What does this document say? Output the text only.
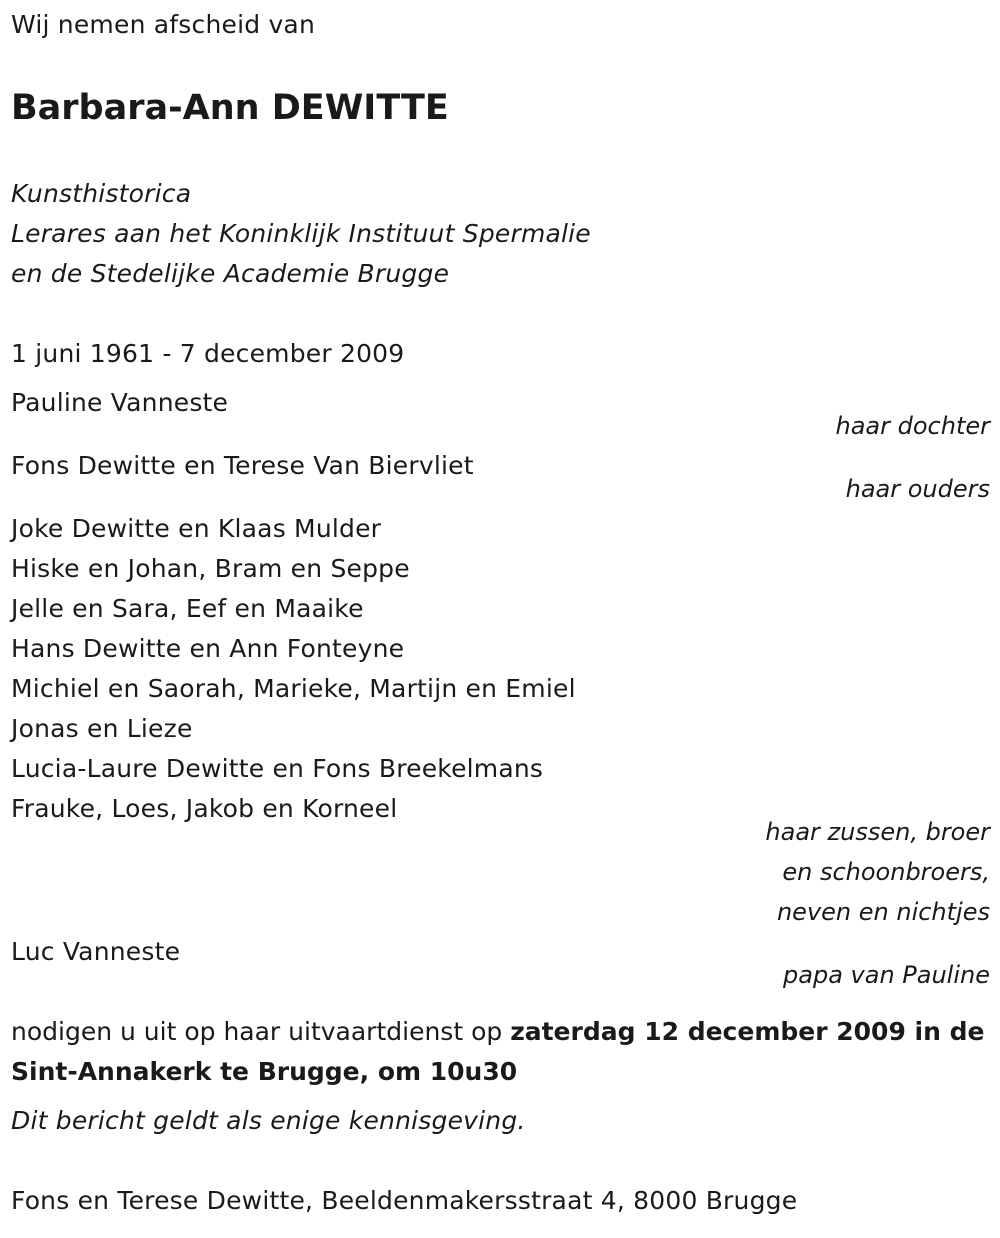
Wij nemen afscheid van
Barbara-Ann DEWITTE
Kunsthistorica
Lerares aan het Koninklijk Instituut Spermalie
en de Stedelijke Academie Brugge
1 juni 1961 - 7 december 2009
Pauline Vanneste
haar dochter
Fons Dewitte en Terese Van Biervliet
haar ouders
Joke Dewitte en Klaas Mulder
Hiske en Johan, Bram en Seppe
Jelle en Sara, Eef en Maaike
Hans Dewitte en Ann Fonteyne
Michiel en Saorah, Marieke, Martijn en Emiel
Jonas en Lieze
Lucia-Laure Dewitte en Fons Breekelmans
Frauke, Loes, Jakob en Korneel
haar zussen, broer
en schoonbroers,
neven en nichtjes
Luc Vanneste
papa van Pauline
nodigen u uit op haar uitvaartdienst op zaterdag 12 december 2009 in de Sint-Annakerk te Brugge, om 10u30
Dit bericht geldt als enige kennisgeving.
Fons en Terese Dewitte, Beeldenmakersstraat 4, 8000 Brugge
